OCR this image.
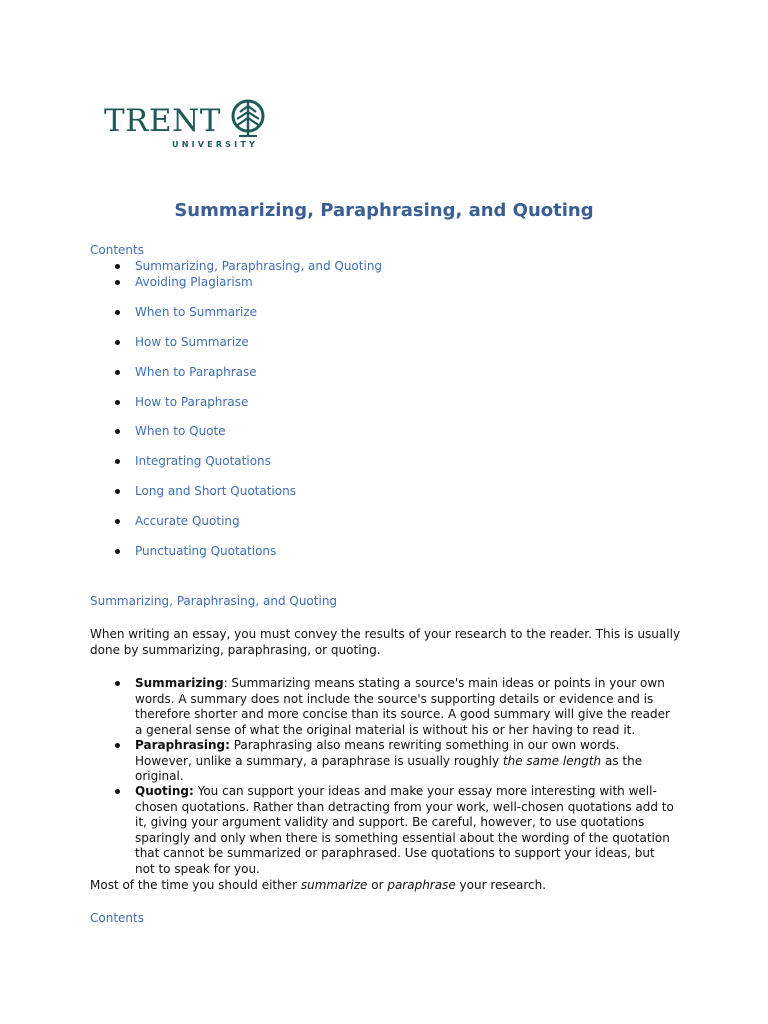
TRENT
UNIVERSITY
Summarizing, Paraphrasing, and Quoting
Contents
Summarizing, Paraphrasing, and Quoting
Avoiding Plagiarism
When to Summarize
How to Summarize
When to Paraphrase
How to Paraphrase
When to Quote
Integrating Quotations
Long and Short Quotations
Accurate Quoting
Punctuating Quotations
Summarizing, Paraphrasing, and Quoting

When writing an essay, you must convey the results of your research to the reader. This is usually done by summarizing, paraphrasing, or quoting.

Summarizing: Summarizing means stating a source's main ideas or points in your own words. A summary does not include the source's supporting details or evidence and is therefore shorter and more concise than its source. A good summary will give the reader a general sense of what the original material is without his or her having to read it.

Paraphrasing: Paraphrasing also means rewriting something in our own words. However, unlike a summary, a paraphrase is usually roughly the same length as the original.

Quoting: You can support your ideas and make your essay more interesting with well-chosen quotations. Rather than detracting from your work, well-chosen quotations add to it, giving your argument validity and support. Be careful, however, to use quotations sparingly and only when there is something essential about the wording of the quotation that cannot be summarized or paraphrased. Use quotations to support your ideas, but not to speak for you.

Most of the time you should either summarize or paraphrase your research.

Contents
